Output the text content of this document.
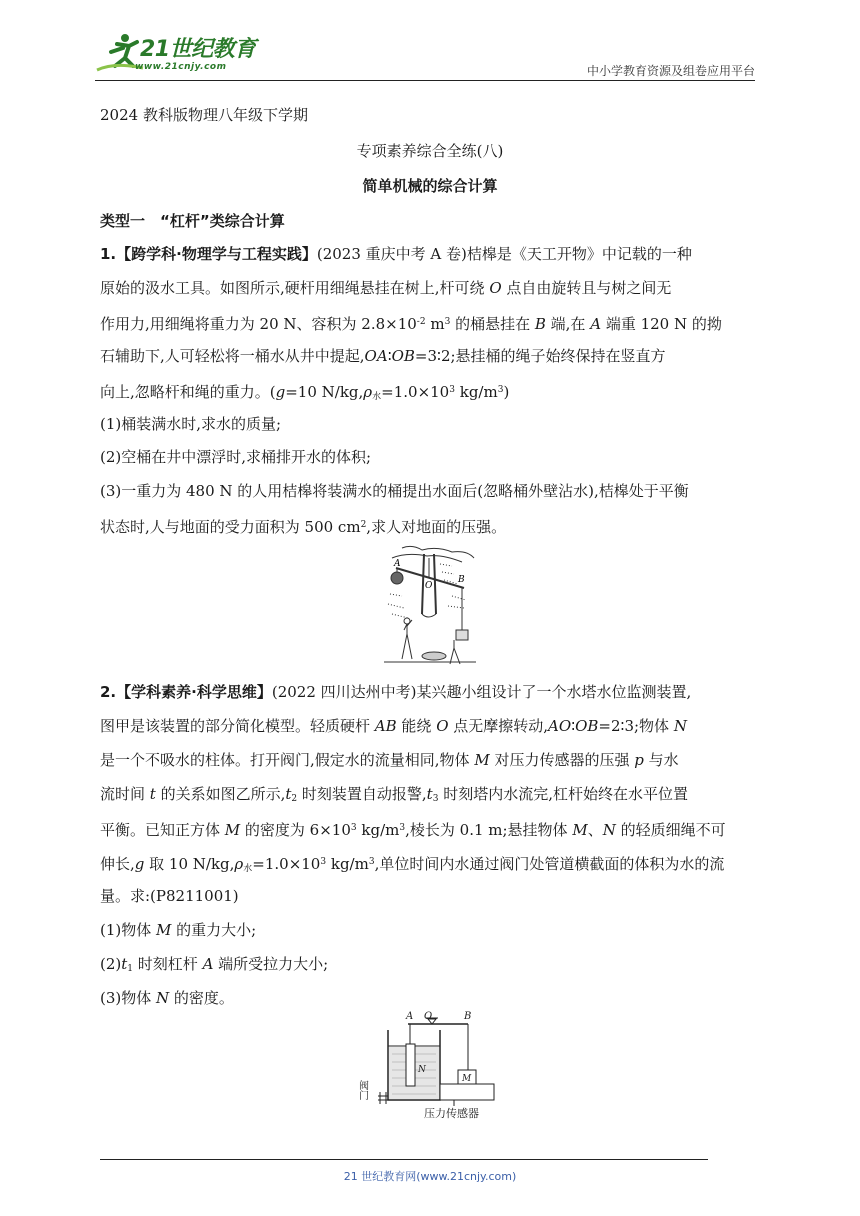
21世纪教育
www.21cnjy.com	中小学教育资源及组卷应用平台
2024 教科版物理八年级下学期
专项素养综合全练(八)
简单机械的综合计算
类型一　“杠杆”类综合计算
1.【跨学科·物理学与工程实践】(2023 重庆中考 A 卷)桔槔是《天工开物》中记载的一种
原始的汲水工具。如图所示,硬杆用细绳悬挂在树上,杆可绕 O 点自由旋转且与树之间无
作用力,用细绳将重力为 20 N、容积为 $2.8\times 10^{-2}$ $m^3$ 的桶悬挂在 B 端,在 A 端重 120 N 的拗
石辅助下,人可轻松将一桶水从井中提起,OA∶OB=3∶2;悬挂桶的绳子始终保持在竖直方
向上,忽略杆和绳的重力。(g=10 $N/kg,\rho_水=1.0\times 10^3$ $kg/m^3$)
(1)桶装满水时,求水的质量;
(2)空桶在井中漂浮时,求桶排开水的体积;
(3)一重力为 480 N 的人用桔槔将装满水的桶提出水面后(忽略桶外壁沾水),桔槔处于平衡
状态时,人与地面的受力面积为 500 $cm^2$,求人对地面的压强。
A
O
B
2.【学科素养·科学思维】(2022 四川达州中考)某兴趣小组设计了一个水塔水位监测装置,
图甲是该装置的部分简化模型。轻质硬杆 AB 能绕 O 点无摩擦转动,AO∶OB=2∶3;物体 N
是一个不吸水的柱体。打开阀门,假定水的流量相同,物体 M 对压力传感器的压强 p 与水
流时间 t 的关系如图乙所示$,t_2$ 时刻装置自动报警$,t_3$ 时刻塔内水流完,杠杆始终在水平位置
平衡。已知正方体 M 的密度为 $6\times 10^3$ $kg/m^3$,棱长为 0.1 m;悬挂物体 M、N 的轻质细绳不可
伸长,g 取 10 $N/kg,\rho_水=1.0\times 10^3$ $kg/m^3$,单位时间内水通过阀门处管道横截面的体积为水的流
量。求:(P8211001)
(1)物体 M 的重力大小;
$(2)t_1$ 时刻杠杆 A 端所受拉力大小;
(3)物体 N 的密度。
A O	B
N
M
阀门
压力传感器
21 世纪教育网(www.21cnjy.com)
